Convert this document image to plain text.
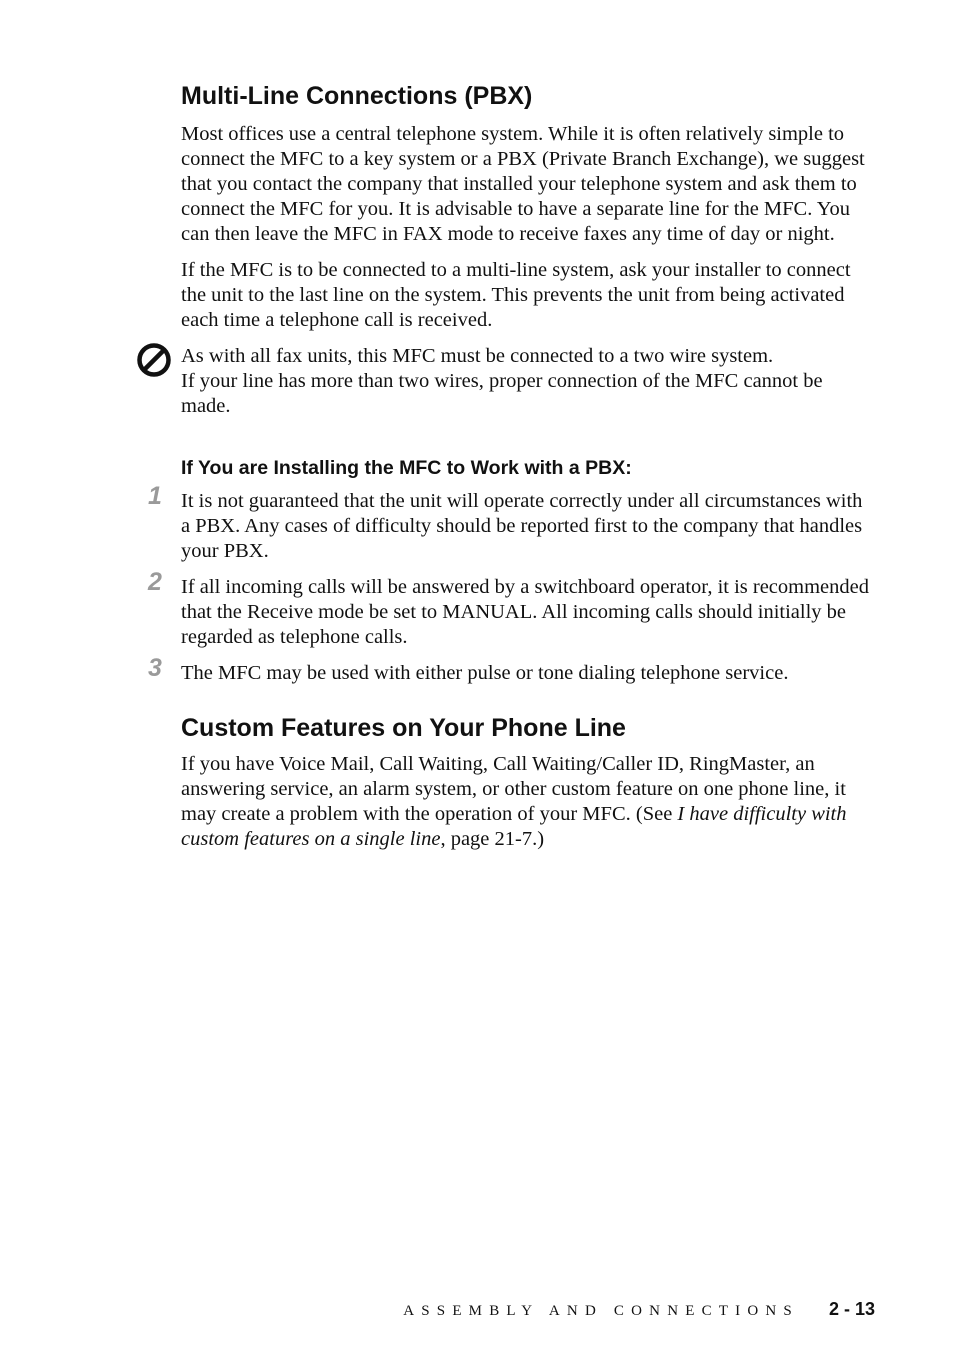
Multi-Line Connections (PBX)

Most offices use a central telephone system. While it is often relatively simple to connect the MFC to a key system or a PBX (Private Branch Exchange), we suggest that you contact the company that installed your telephone system and ask them to connect the MFC for you. It is advisable to have a separate line for the MFC. You can then leave the MFC in FAX mode to receive faxes any time of day or night.

If the MFC is to be connected to a multi-line system, ask your installer to connect the unit to the last line on the system. This prevents the unit from being activated each time a telephone call is received.

As with all fax units, this MFC must be connected to a two wire system.
If your line has more than two wires, proper connection of the MFC cannot be made.

If You are Installing the MFC to Work with a PBX:
1 It is not guaranteed that the unit will operate correctly under all circumstances with a PBX. Any cases of difficulty should be reported first to the company that handles your PBX.
2 If all incoming calls will be answered by a switchboard operator, it is recommended that the Receive mode be set to MANUAL. All incoming calls should initially be regarded as telephone calls.
3 The MFC may be used with either pulse or tone dialing telephone service.
Custom Features on Your Phone Line

If you have Voice Mail, Call Waiting, Call Waiting/Caller ID, RingMaster, an answering service, an alarm system, or other custom feature on one phone line, it may create a problem with the operation of your MFC. (See I have difficulty with custom features on a single line, page 21-7.)

ASSEMBLY AND CONNECTIONS 2 - 13
